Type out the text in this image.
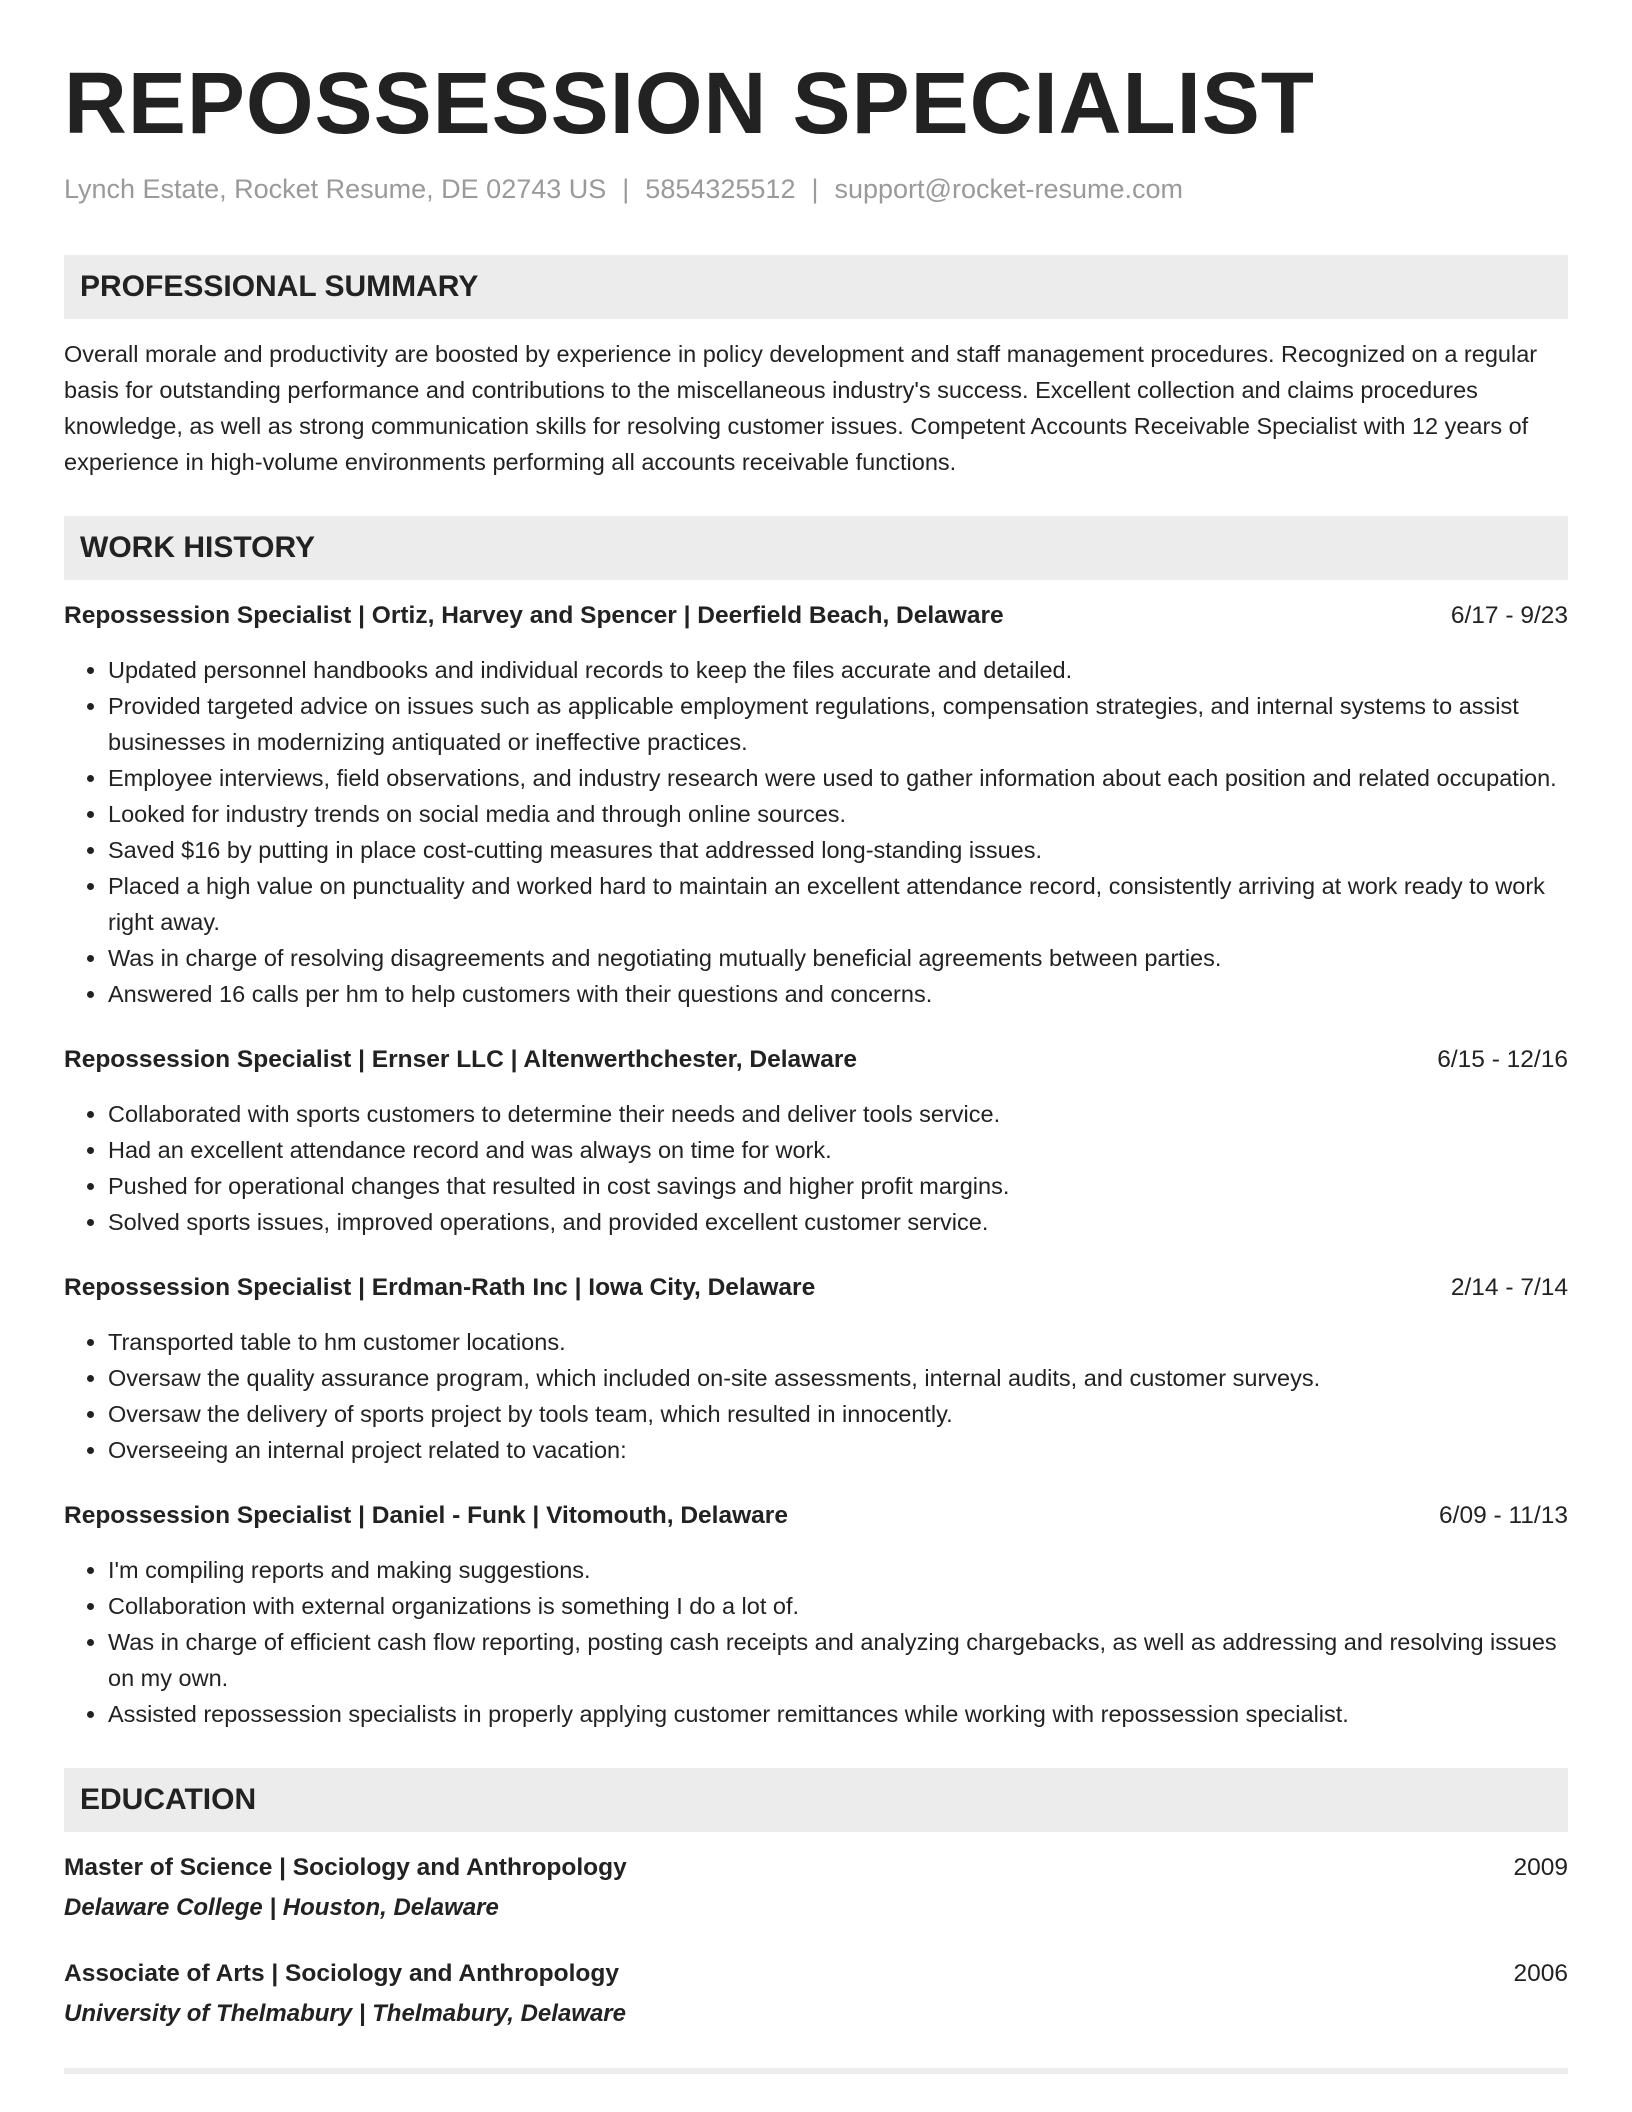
REPOSSESSION SPECIALIST
Lynch Estate, Rocket Resume, DE 02743 US | 5854325512 | support@rocket-resume.com
PROFESSIONAL SUMMARY
Overall morale and productivity are boosted by experience in policy development and staff management procedures. Recognized on a regular basis for outstanding performance and contributions to the miscellaneous industry's success. Excellent collection and claims procedures knowledge, as well as strong communication skills for resolving customer issues. Competent Accounts Receivable Specialist with 12 years of experience in high-volume environments performing all accounts receivable functions.
WORK HISTORY
Repossession Specialist | Ortiz, Harvey and Spencer | Deerfield Beach, Delaware	6/17 - 9/23
• Updated personnel handbooks and individual records to keep the files accurate and detailed.
• Provided targeted advice on issues such as applicable employment regulations, compensation strategies, and internal systems to assist businesses in modernizing antiquated or ineffective practices.
• Employee interviews, field observations, and industry research were used to gather information about each position and related occupation.
• Looked for industry trends on social media and through online sources.
• Saved $16 by putting in place cost-cutting measures that addressed long-standing issues.
• Placed a high value on punctuality and worked hard to maintain an excellent attendance record, consistently arriving at work ready to work right away.
• Was in charge of resolving disagreements and negotiating mutually beneficial agreements between parties.
• Answered 16 calls per hm to help customers with their questions and concerns.
Repossession Specialist | Ernser LLC | Altenwerthchester, Delaware	6/15 - 12/16
• Collaborated with sports customers to determine their needs and deliver tools service.
• Had an excellent attendance record and was always on time for work.
• Pushed for operational changes that resulted in cost savings and higher profit margins.
• Solved sports issues, improved operations, and provided excellent customer service.
Repossession Specialist | Erdman-Rath Inc | Iowa City, Delaware	2/14 - 7/14
• Transported table to hm customer locations.
• Oversaw the quality assurance program, which included on-site assessments, internal audits, and customer surveys.
• Oversaw the delivery of sports project by tools team, which resulted in innocently.
• Overseeing an internal project related to vacation:
Repossession Specialist | Daniel - Funk | Vitomouth, Delaware	6/09 - 11/13
• I'm compiling reports and making suggestions.
• Collaboration with external organizations is something I do a lot of.
• Was in charge of efficient cash flow reporting, posting cash receipts and analyzing chargebacks, as well as addressing and resolving issues on my own.
• Assisted repossession specialists in properly applying customer remittances while working with repossession specialist.
EDUCATION
Master of Science | Sociology and Anthropology	2009
Delaware College | Houston, Delaware
Associate of Arts | Sociology and Anthropology	2006
University of Thelmabury | Thelmabury, Delaware
